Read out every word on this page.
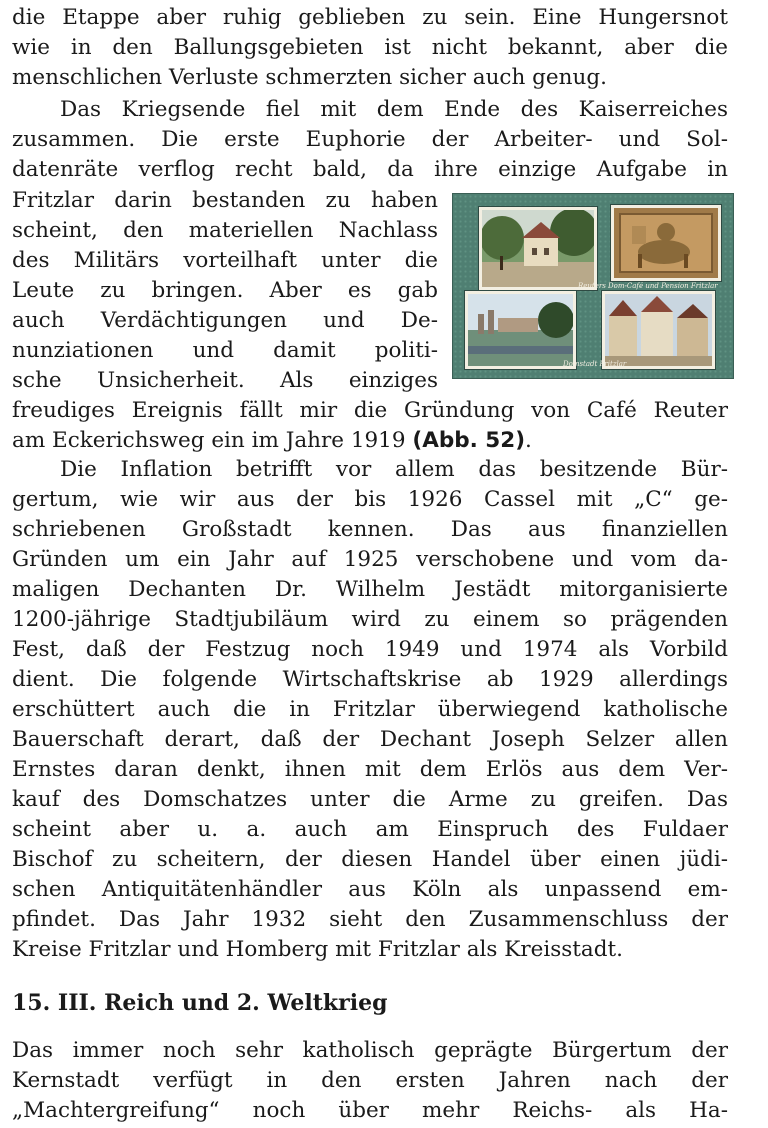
die Etappe aber ruhig geblieben zu sein. Eine Hungersnot
wie in den Ballungsgebieten ist nicht bekannt, aber die
menschlichen Verluste schmerzten sicher auch genug.
Das Kriegsende fiel mit dem Ende des Kaiserreiches
zusammen. Die erste Euphorie der Arbeiter- und Sol-
datenräte verflog recht bald, da ihre einzige Aufgabe in
Fritzlar darin bestanden zu haben
scheint, den materiellen Nachlass
des Militärs vorteilhaft unter die
Leute zu bringen. Aber es gab
auch Verdächtigungen und De-
nunziationen und damit politi-
sche Unsicherheit. Als einziges
freudiges Ereignis fällt mir die Gründung von Café Reuter
am Eckerichsweg ein im Jahre 1919 (Abb. 52).
Reuters Dom-Café und Pension Fritzlar
Domstadt Fritzlar
Die Inflation betrifft vor allem das besitzende Bür-
gertum, wie wir aus der bis 1926 Cassel mit „C“ ge-
schriebenen Großstadt kennen. Das aus finanziellen
Gründen um ein Jahr auf 1925 verschobene und vom da-
maligen Dechanten Dr. Wilhelm Jestädt mitorganisierte
1200-jährige Stadtjubiläum wird zu einem so prägenden
Fest, daß der Festzug noch 1949 und 1974 als Vorbild
dient. Die folgende Wirtschaftskrise ab 1929 allerdings
erschüttert auch die in Fritzlar überwiegend katholische
Bauerschaft derart, daß der Dechant Joseph Selzer allen
Ernstes daran denkt, ihnen mit dem Erlös aus dem Ver-
kauf des Domschatzes unter die Arme zu greifen. Das
scheint aber u. a. auch am Einspruch des Fuldaer
Bischof zu scheitern, der diesen Handel über einen jüdi-
schen Antiquitätenhändler aus Köln als unpassend em-
pfindet. Das Jahr 1932 sieht den Zusammenschluss der
Kreise Fritzlar und Homberg mit Fritzlar als Kreisstadt.
15. III. Reich und 2. Weltkrieg
Das immer noch sehr katholisch geprägte Bürgertum der
Kernstadt verfügt in den ersten Jahren nach der
„Machtergreifung“ noch über mehr Reichs- als Ha-
